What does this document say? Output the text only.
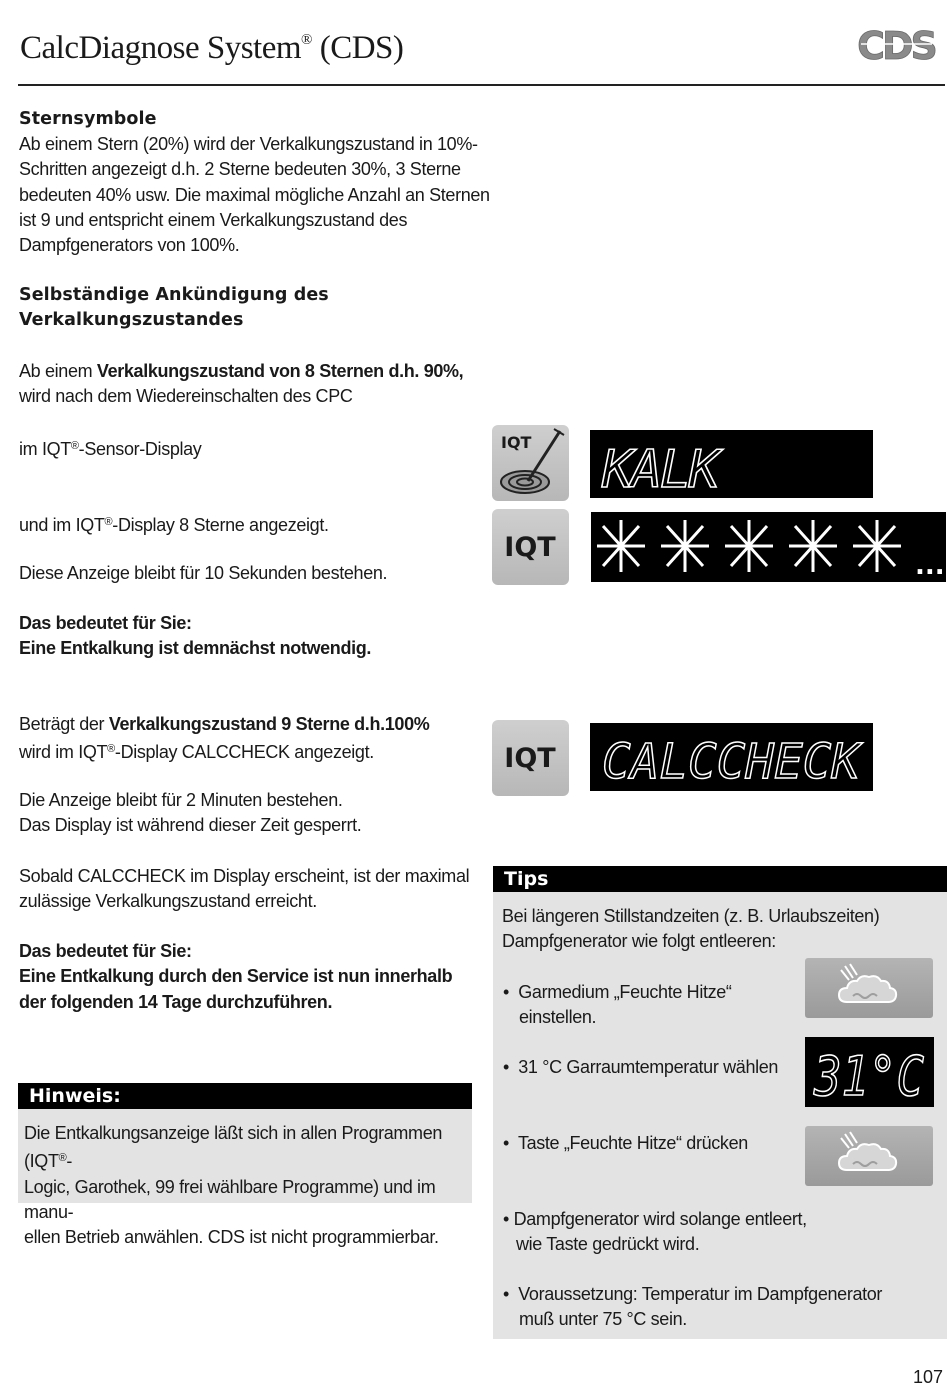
CalcDiagnose System® (CDS)	CDS
Sternsymbole
Ab einem Stern (20%) wird der Verkalkungszustand in 10%-
Schritten angezeigt d.h. 2 Sterne bedeuten 30%, 3 Sterne
bedeuten 40% usw. Die maximal mögliche Anzahl an Sternen
ist 9 und entspricht einem Verkalkungszustand des
Dampfgenerators von 100%.
Selbständige Ankündigung des
Verkalkungszustandes
Ab einem Verkalkungszustand von 8 Sternen d.h. 90%,
wird nach dem Wiedereinschalten des CPC
im IQT®-Sensor-Display
und im IQT®-Display 8 Sterne angezeigt.
Diese Anzeige bleibt für 10 Sekunden bestehen.
Das bedeutet für Sie:
Eine Entkalkung ist demnächst notwendig.
Beträgt der Verkalkungszustand 9 Sterne d.h.100%
wird im IQT®-Display CALCCHECK angezeigt.
Die Anzeige bleibt für 2 Minuten bestehen.
Das Display ist während dieser Zeit gesperrt.
Sobald CALCCHECK im Display erscheint, ist der maximal
zulässige Verkalkungszustand erreicht.
Das bedeutet für Sie:
Eine Entkalkung durch den Service ist nun innerhalb
der folgenden 14 Tage durchzuführen.
Hinweis:
Die Entkalkungsanzeige läßt sich in allen Programmen (IQT®-
Logic, Garothek, 99 frei wählbare Programme) und im manu-
ellen Betrieb anwählen. CDS ist nicht programmierbar.
IQT KALK
IQT
...
IQT CALCCHECK
Tips
Bei längeren Stillstandzeiten (z. B. Urlaubszeiten)
Dampfgenerator wie folgt entleeren:
• Garmedium „Feuchte Hitze“
einstellen.
• 31 °C Garraumtemperatur wählen 31°C
• Taste „Feuchte Hitze“ drücken
• Dampfgenerator wird solange entleert,
wie Taste gedrückt wird.
• Voraussetzung: Temperatur im Dampfgenerator
muß unter 75 °C sein.
107
